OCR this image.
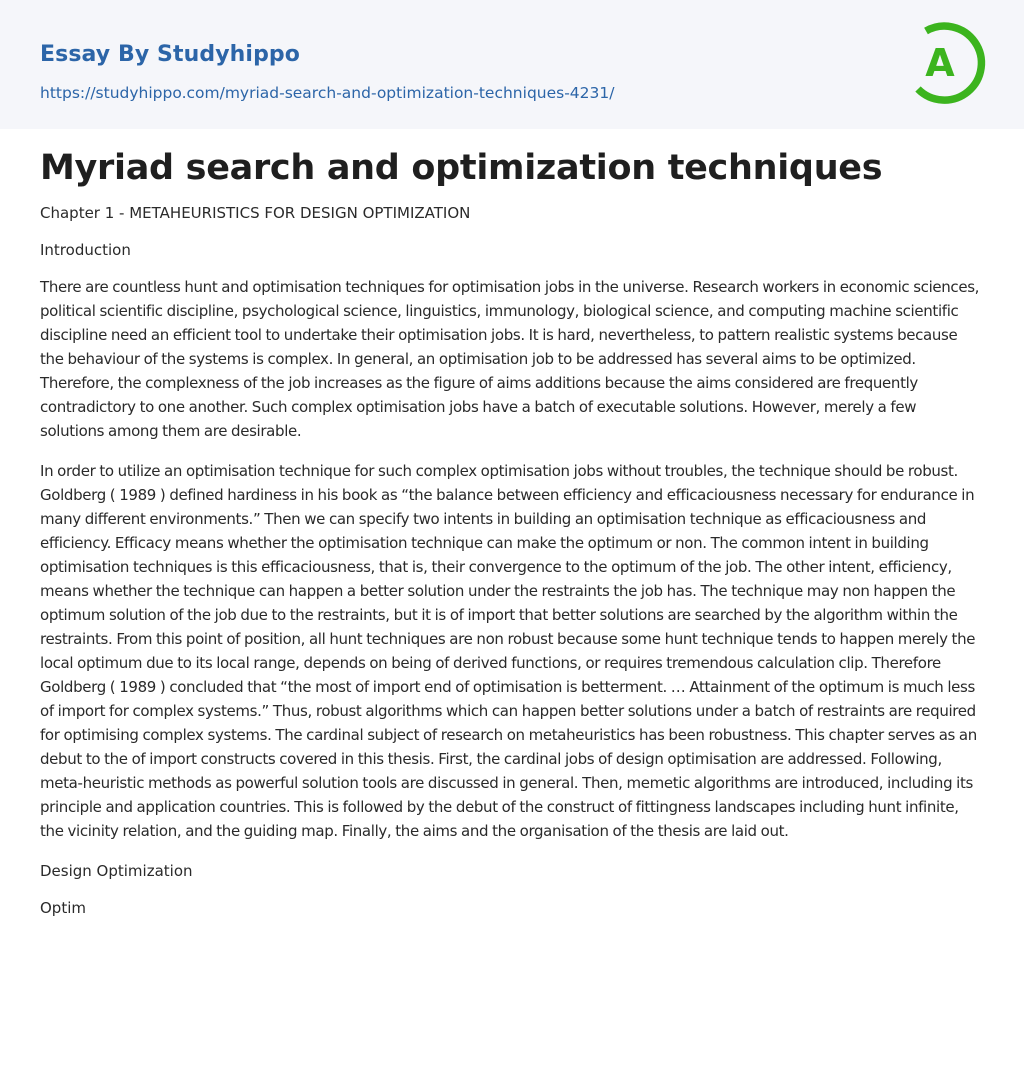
Essay By Studyhippo
https://studyhippo.com/myriad-search-and-optimization-techniques-4231/
A
Myriad search and optimization techniques

Chapter 1 - METAHEURISTICS FOR DESIGN OPTIMIZATION

Introduction

There are countless hunt and optimisation techniques for optimisation jobs in the universe. Research workers in economic sciences, political scientific discipline, psychological science, linguistics, immunology, biological science, and computing machine scientific discipline need an efficient tool to undertake their optimisation jobs. It is hard, nevertheless, to pattern realistic systems because the behaviour of the systems is complex. In general, an optimisation job to be addressed has several aims to be optimized. Therefore, the complexness of the job increases as the figure of aims additions because the aims considered are frequently contradictory to one another. Such complex optimisation jobs have a batch of executable solutions. However, merely a few solutions among them are desirable.

In order to utilize an optimisation technique for such complex optimisation jobs without troubles, the technique should be robust. Goldberg ( 1989 ) defined hardiness in his book as “the balance between efficiency and efficaciousness necessary for endurance in many different environments.” Then we can specify two intents in building an optimisation technique as efficaciousness and efficiency. Efficacy means whether the optimisation technique can make the optimum or non. The common intent in building optimisation techniques is this efficaciousness, that is, their convergence to the optimum of the job. The other intent, efficiency, means whether the technique can happen a better solution under the restraints the job has. The technique may non happen the optimum solution of the job due to the restraints, but it is of import that better solutions are searched by the algorithm within the restraints. From this point of position, all hunt techniques are non robust because some hunt technique tends to happen merely the local optimum due to its local range, depends on being of derived functions, or requires tremendous calculation clip. Therefore Goldberg ( 1989 ) concluded that “the most of import end of optimisation is betterment. … Attainment of the optimum is much less of import for complex systems.” Thus, robust algorithms which can happen better solutions under a batch of restraints are required for optimising complex systems. The cardinal subject of research on metaheuristics has been robustness. This chapter serves as an debut to the of import constructs covered in this thesis. First, the cardinal jobs of design optimisation are addressed. Following, meta-heuristic methods as powerful solution tools are discussed in general. Then, memetic algorithms are introduced, including its principle and application countries. This is followed by the debut of the construct of fittingness landscapes including hunt infinite, the vicinity relation, and the guiding map. Finally, the aims and the organisation of the thesis are laid out.

Design Optimization

Optim
